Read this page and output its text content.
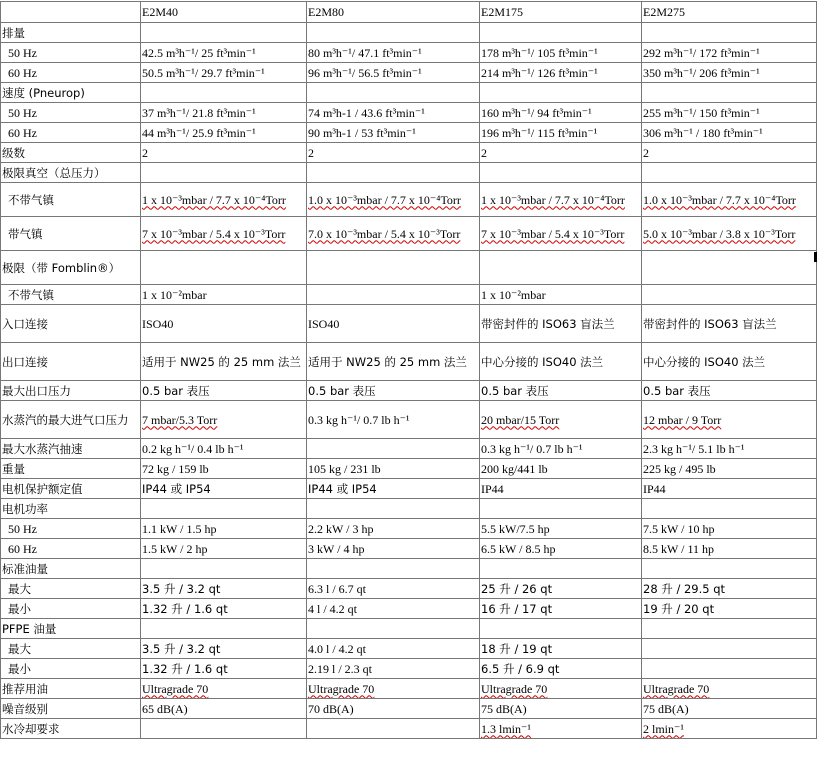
	E2M40	E2M80	E2M175	E2M275
排量				
50 Hz	42.5 m³h⁻¹/ 25 ft³min⁻¹	80 m³h⁻¹/ 47.1 ft³min⁻¹	178 m³h⁻¹/ 105 ft³min⁻¹	292 m³h⁻¹/ 172 ft³min⁻¹
60 Hz	50.5 m³h⁻¹/ 29.7 ft³min⁻¹	96 m³h⁻¹/ 56.5 ft³min⁻¹	214 m³h⁻¹/ 126 ft³min⁻¹	350 m³h⁻¹/ 206 ft³min⁻¹
速度 (Pneurop)				
50 Hz	37 m³h⁻¹/ 21.8 ft³min⁻¹	74 m³h-1 / 43.6 ft³min⁻¹	160 m³h⁻¹/ 94 ft³min⁻¹	255 m³h⁻¹/ 150 ft³min⁻¹
60 Hz	44 m³h⁻¹/ 25.9 ft³min⁻¹	90 m³h-1 / 53 ft³min⁻¹	196 m³h⁻¹/ 115 ft³min⁻¹	306 m³h⁻¹ / 180 ft³min⁻¹
级数	2	2	2	2
极限真空（总压力）				
不带气镇	1 x 10⁻³mbar / 7.7 x 10⁻⁴Torr	1.0 x 10⁻³mbar / 7.7 x 10⁻⁴Torr	1 x 10⁻³mbar / 7.7 x 10⁻⁴Torr	1.0 x 10⁻³mbar / 7.7 x 10⁻⁴Torr
带气镇	7 x 10⁻³mbar / 5.4 x 10⁻³Torr	7.0 x 10⁻³mbar / 5.4 x 10⁻³Torr	7 x 10⁻³mbar / 5.4 x 10⁻³Torr	5.0 x 10⁻³mbar / 3.8 x 10⁻³Torr
极限（带 Fomblin®）				
不带气镇	1 x 10⁻²mbar		1 x 10⁻²mbar	
入口连接	ISO40	ISO40	带密封件的 ISO63 盲法兰	带密封件的 ISO63 盲法兰
出口连接	适用于 NW25 的 25 mm 法兰	适用于 NW25 的 25 mm 法兰	中心分接的 ISO40 法兰	中心分接的 ISO40 法兰
最大出口压力	0.5 bar 表压	0.5 bar 表压	0.5 bar 表压	0.5 bar 表压
水蒸汽的最大进气口压力	7 mbar/5.3 Torr	0.3 kg h⁻¹/ 0.7 lb h⁻¹	20 mbar/15 Torr	12 mbar / 9 Torr
最大水蒸汽抽速	0.2 kg h⁻¹/ 0.4 lb h⁻¹		0.3 kg h⁻¹/ 0.7 lb h⁻¹	2.3 kg h⁻¹/ 5.1 lb h⁻¹
重量	72 kg / 159 lb	105 kg / 231 lb	200 kg/441 lb	225 kg / 495 lb
电机保护额定值	IP44 或 IP54	IP44 或 IP54	IP44	IP44
电机功率				
50 Hz	1.1 kW / 1.5 hp	2.2 kW / 3 hp	5.5 kW/7.5 hp	7.5 kW / 10 hp
60 Hz	1.5 kW / 2 hp	3 kW / 4 hp	6.5 kW / 8.5 hp	8.5 kW / 11 hp
标准油量				
最大	3.5 升 / 3.2 qt	6.3 l / 6.7 qt	25 升 / 26 qt	28 升 / 29.5 qt
最小	1.32 升 / 1.6 qt	4 l / 4.2 qt	16 升 / 17 qt	19 升 / 20 qt
PFPE 油量				
最大	3.5 升 / 3.2 qt	4.0 l / 4.2 qt	18 升 / 19 qt	
最小	1.32 升 / 1.6 qt	2.19 l / 2.3 qt	6.5 升 / 6.9 qt	
推荐用油	Ultragrade 70	Ultragrade 70	Ultragrade 70	Ultragrade 70
噪音级别	65 dB(A)	70 dB(A)	75 dB(A)	75 dB(A)
水冷却要求			1.3 lmin⁻¹	2 lmin⁻¹
